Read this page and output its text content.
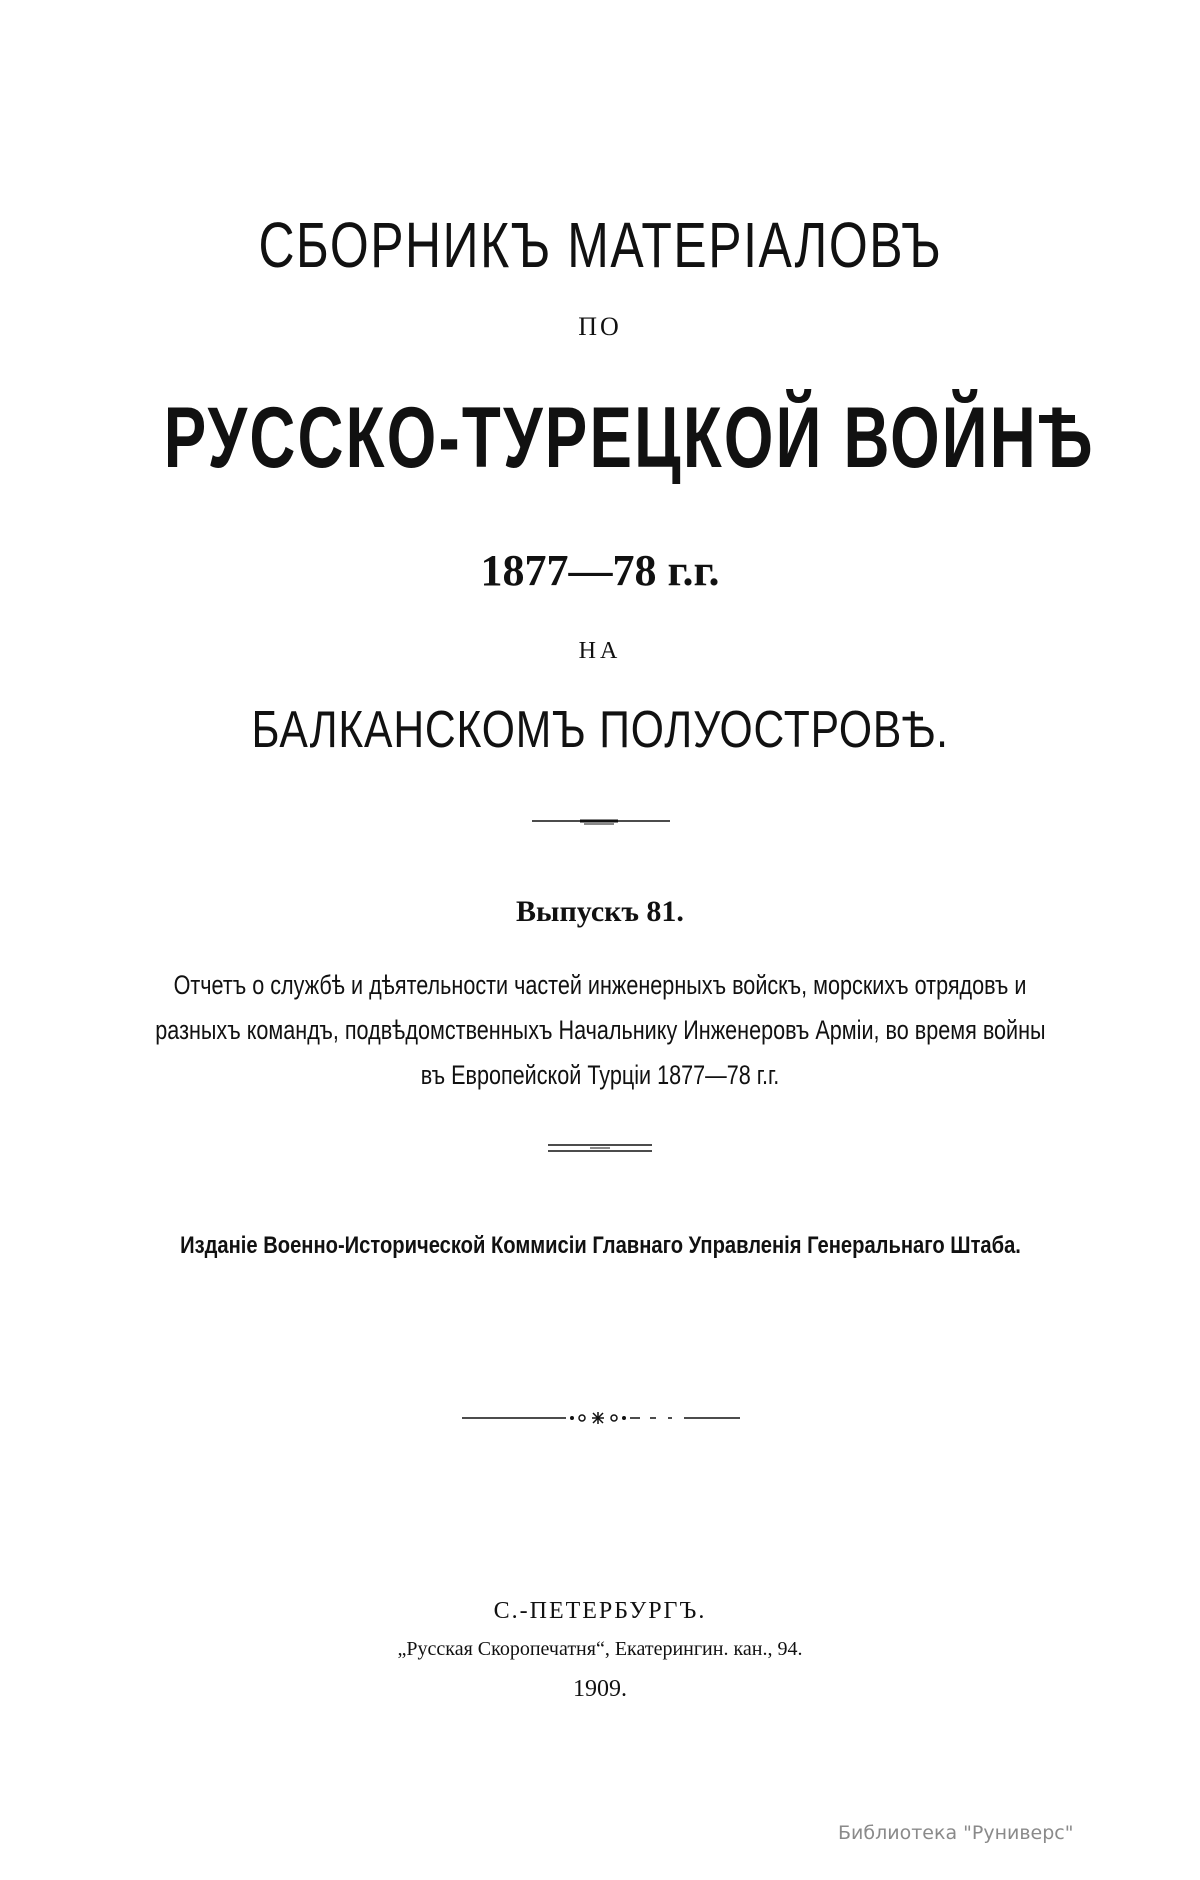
СБОРНИКЪ МАТЕРІАЛОВЪ
ПО
РУССКО-ТУРЕЦКОЙ ВОЙНѢ
1877—78 г.г.
НА
БАЛКАНСКОМЪ ПОЛУОСТРОВѢ.
Выпускъ 81.
Отчетъ о службѣ и дѣятельности частей инженерныхъ войскъ, морскихъ отрядовъ и
разныхъ командъ, подвѣдомственныхъ Начальнику Инженеровъ Арміи, во время войны
въ Европейской Турціи 1877—78 г.г.
Изданіе Военно-Исторической Коммисіи Главнаго Управленія Генеральнаго Штаба.
С.-ПЕТЕРБУРГЪ.
„Русская Скоропечатня“, Екатерингин. кан., 94.
1909.
Библиотека "Руниверс"
